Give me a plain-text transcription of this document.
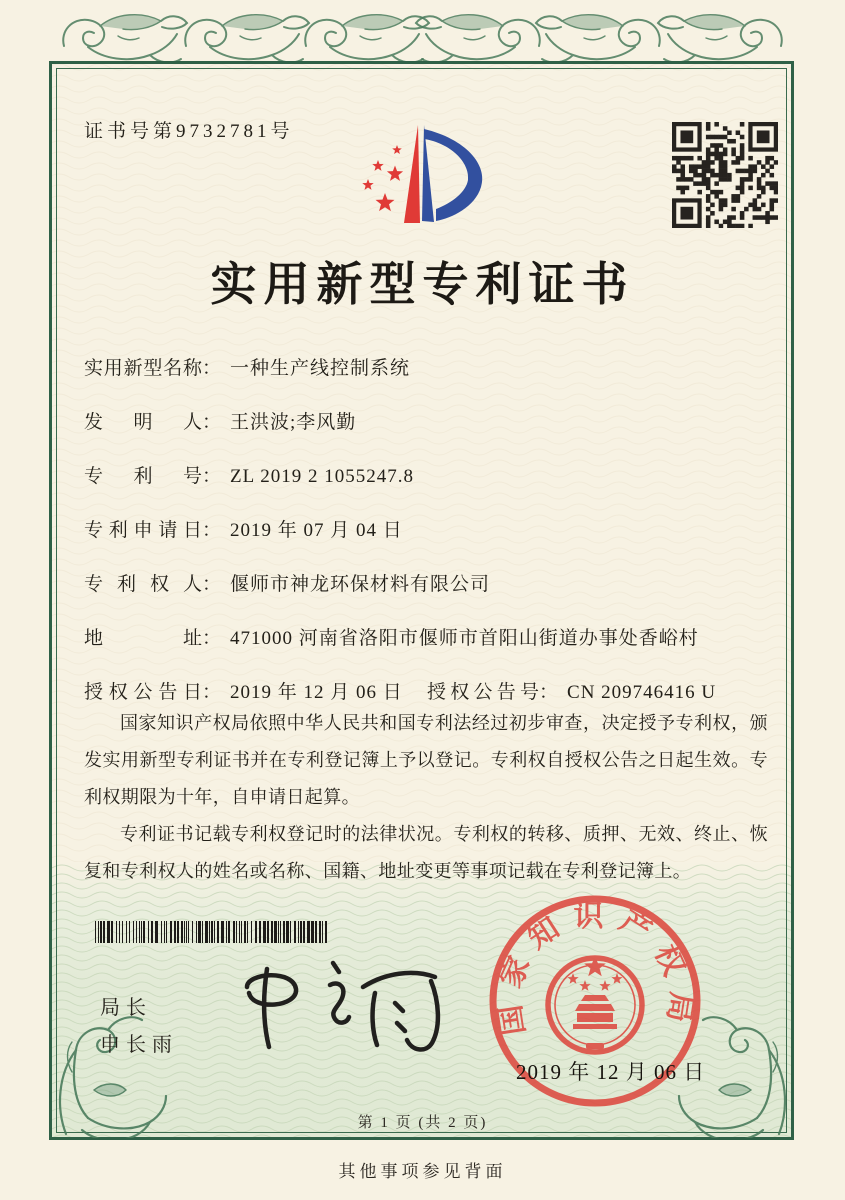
证书号第9732781号
实用新型专利证书
实用新型名称： 一种生产线控制系统
发明人： 王洪波;李风勤
专利号： ZL 2019 2 1055247.8
专利申请日： 2019 年 07 月 04 日
专利权人： 偃师市神龙环保材料有限公司
地址： 471000 河南省洛阳市偃师市首阳山街道办事处香峪村
授权公告日： 2019 年 12 月 06 日 授权公告号： CN 209746416 U

国家知识产权局依照中华人民共和国专利法经过初步审查，决定授予专利权，颁发实用新型专利证书并在专利登记簿上予以登记。专利权自授权公告之日起生效。专利权期限为十年，自申请日起算。

专利证书记载专利权登记时的法律状况。专利权的转移、质押、无效、终止、恢复和专利权人的姓名或名称、国籍、地址变更等事项记载在专利登记簿上。

局长
申长雨
国家知识产权局
2019 年 12 月 06 日
第 1 页 (共 2 页)
其他事项参见背面
